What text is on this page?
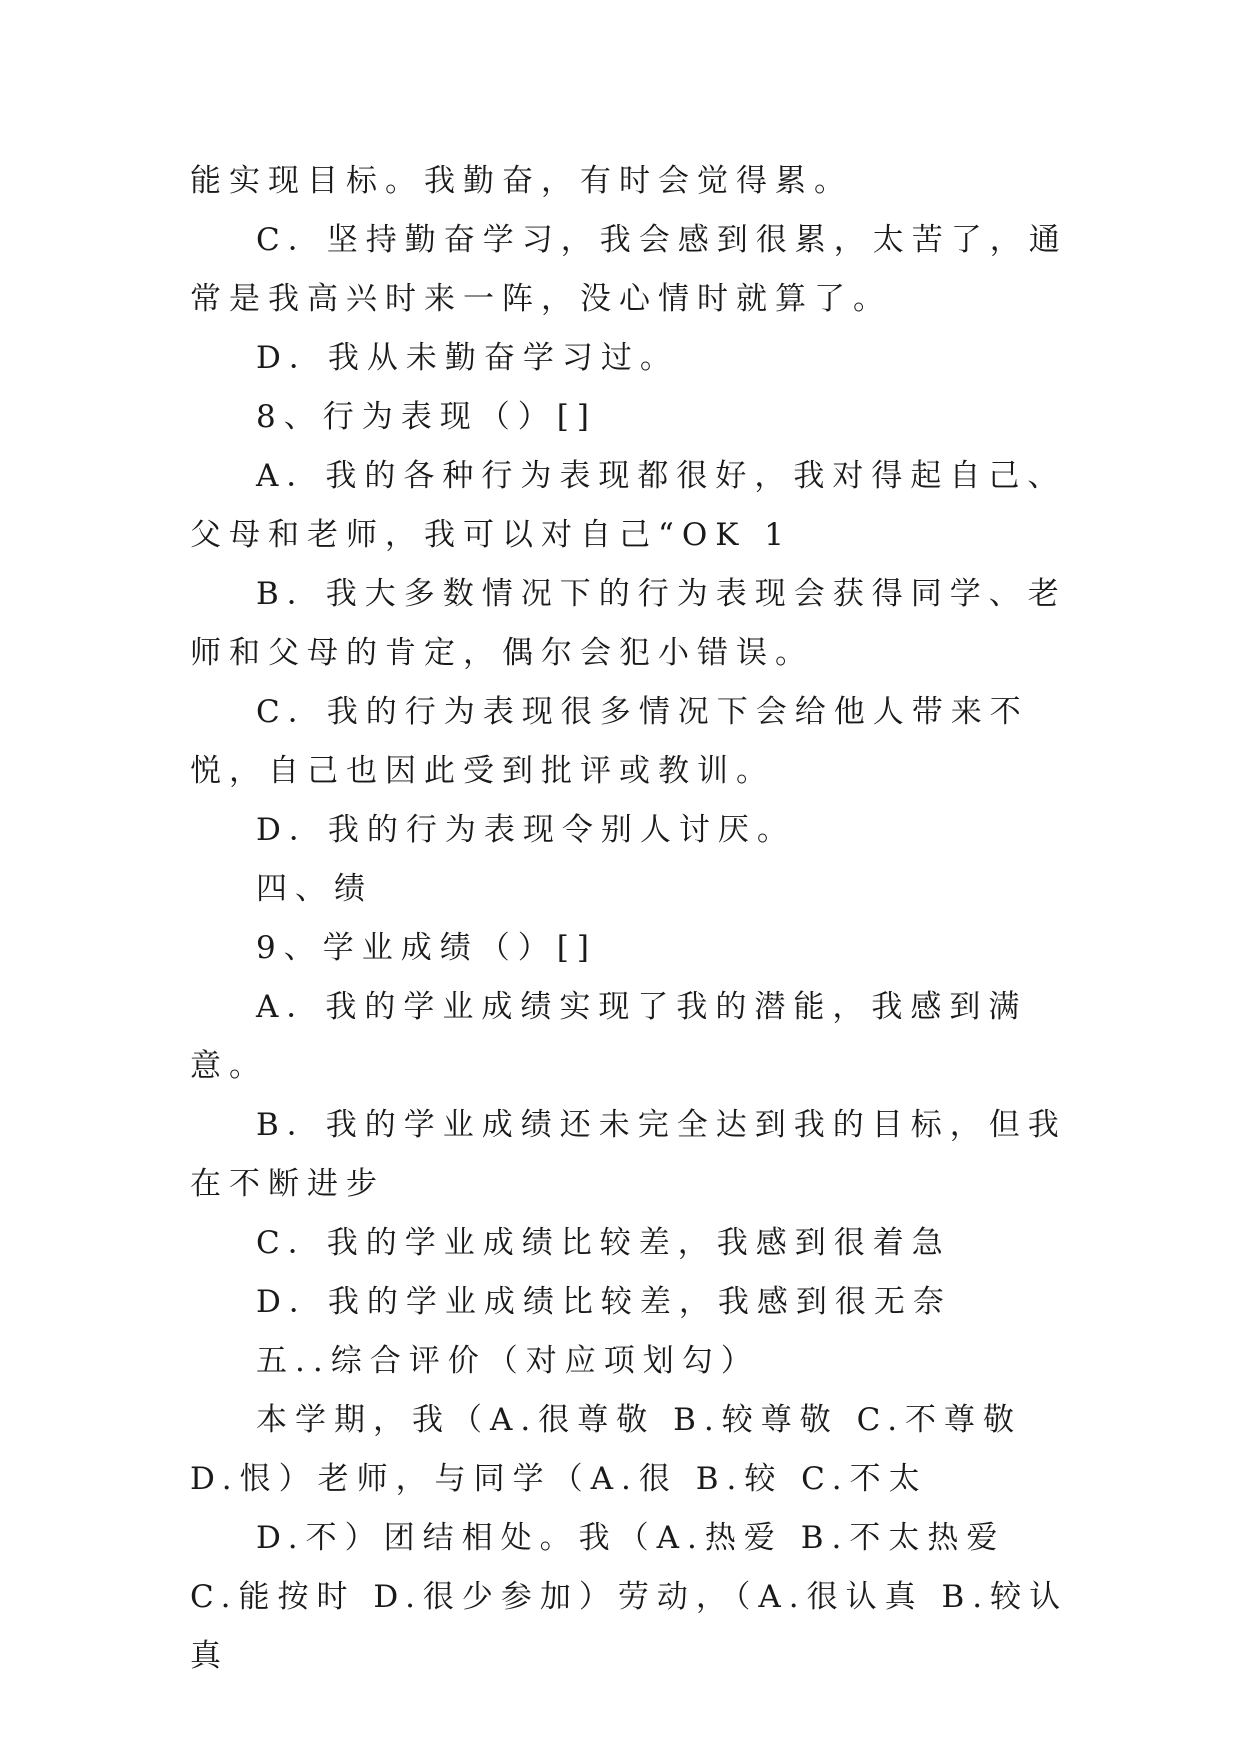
能实现目标。我勤奋，有时会觉得累。

C．坚持勤奋学习，我会感到很累，太苦了，通常是我高兴时来一阵，没心情时就算了。

D．我从未勤奋学习过。

8、行为表现（）[]

A．我的各种行为表现都很好，我对得起自己、父母和老师，我可以对自己“OK 1

B．我大多数情况下的行为表现会获得同学、老师和父母的肯定，偶尔会犯小错误。

C．我的行为表现很多情况下会给他人带来不悦，自己也因此受到批评或教训。

D．我的行为表现令别人讨厌。

四、绩

9、学业成绩（）[]

A．我的学业成绩实现了我的潜能，我感到满意。

B．我的学业成绩还未完全达到我的目标，但我在不断进步

C．我的学业成绩比较差，我感到很着急

D．我的学业成绩比较差，我感到很无奈

五..综合评价（对应项划勾）

本学期，我（A.很尊敬 B.较尊敬 C.不尊敬 D.恨）老师，与同学（A.很 B.较 C.不太

D.不）团结相处。我（A.热爱 B.不太热爱 C.能按时 D.很少参加）劳动，（A.很认真 B.较认真
